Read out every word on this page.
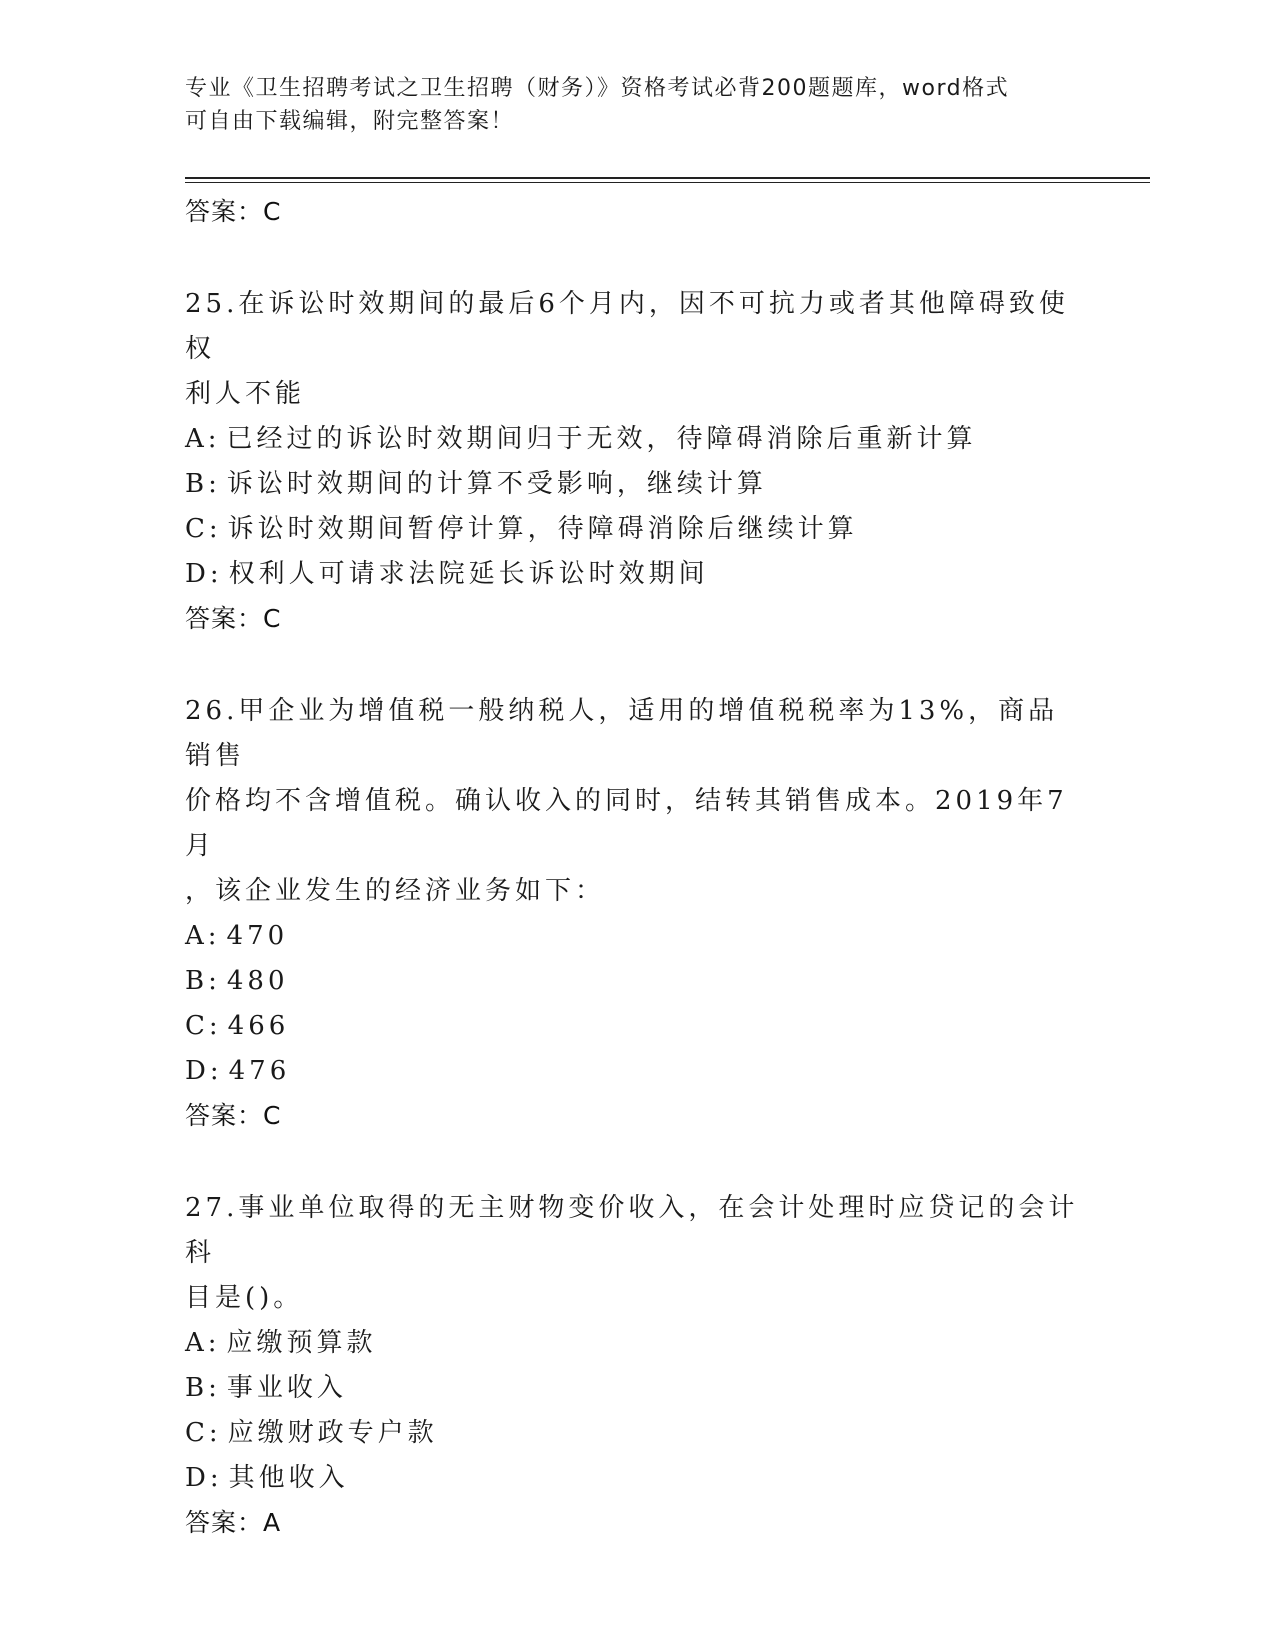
专业《卫生招聘考试之卫生招聘（财务）》资格考试必背200题题库，word格式
可自由下载编辑，附完整答案！
答案：C
25.在诉讼时效期间的最后6个月内，因不可抗力或者其他障碍致使权
利人不能
A: 已经过的诉讼时效期间归于无效，待障碍消除后重新计算
B: 诉讼时效期间的计算不受影响，继续计算
C: 诉讼时效期间暂停计算，待障碍消除后继续计算
D: 权利人可请求法院延长诉讼时效期间
答案：C
26.甲企业为增值税一般纳税人，适用的增值税税率为13%，商品销售
价格均不含增值税。确认收入的同时，结转其销售成本。2019年7月
，该企业发生的经济业务如下：
A: 470
B: 480
C: 466
D: 476
答案：C
27.事业单位取得的无主财物变价收入，在会计处理时应贷记的会计科
目是()。
A: 应缴预算款
B: 事业收入
C: 应缴财政专户款
D: 其他收入
答案：A
